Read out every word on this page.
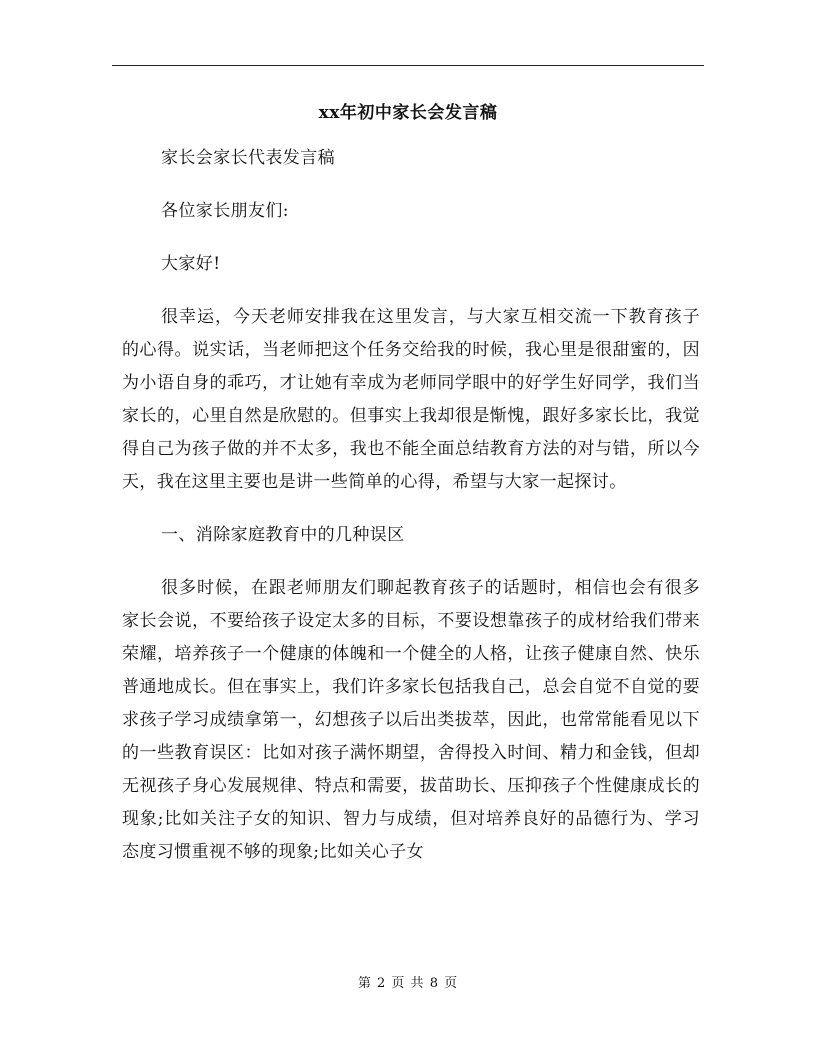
xx年初中家长会发言稿

家长会家长代表发言稿

各位家长朋友们:

大家好!

很幸运，今天老师安排我在这里发言，与大家互相交流一下教育孩子的心得。说实话，当老师把这个任务交给我的时候，我心里是很甜蜜的，因为小语自身的乖巧，才让她有幸成为老师同学眼中的好学生好同学，我们当家长的，心里自然是欣慰的。但事实上我却很是惭愧，跟好多家长比，我觉得自己为孩子做的并不太多，我也不能全面总结教育方法的对与错，所以今天，我在这里主要也是讲一些简单的心得，希望与大家一起探讨。

一、消除家庭教育中的几种误区

很多时候，在跟老师朋友们聊起教育孩子的话题时，相信也会有很多家长会说，不要给孩子设定太多的目标，不要设想靠孩子的成材给我们带来荣耀，培养孩子一个健康的体魄和一个健全的人格，让孩子健康自然、快乐普通地成长。但在事实上，我们许多家长包括我自己，总会自觉不自觉的要求孩子学习成绩拿第一，幻想孩子以后出类拔萃，因此，也常常能看见以下的一些教育误区：比如对孩子满怀期望，舍得投入时间、精力和金钱，但却无视孩子身心发展规律、特点和需要，拔苗助长、压抑孩子个性健康成长的现象;比如关注子女的知识、智力与成绩，但对培养良好的品德行为、学习态度习惯重视不够的现象;比如关心子女

第 2 页 共 8 页
